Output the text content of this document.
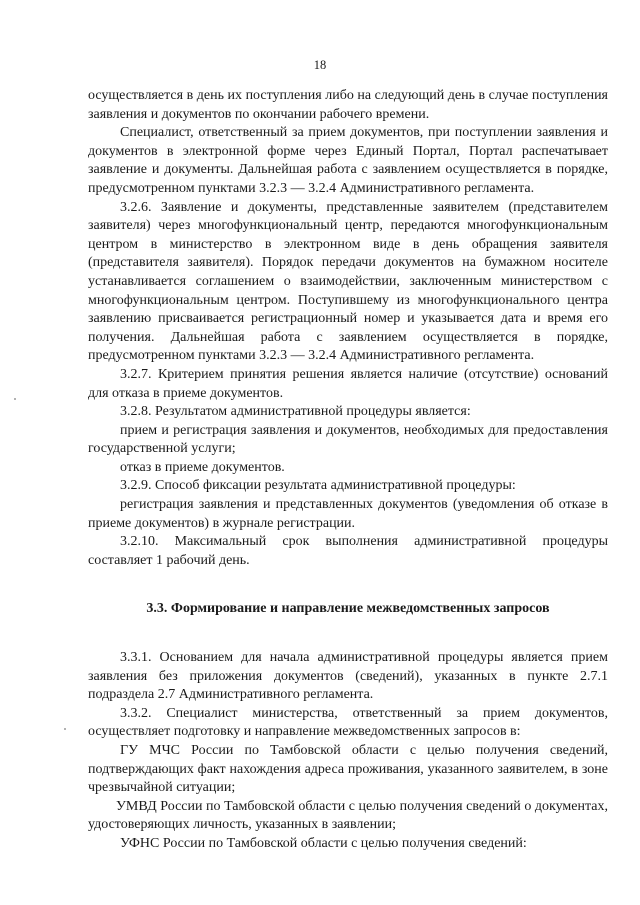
18

осуществляется в день их поступления либо на следующий день в случае поступления заявления и документов по окончании рабочего времени.

Специалист, ответственный за прием документов, при поступлении заявления и документов в электронной форме через Единый Портал, Портал распечатывает заявление и документы. Дальнейшая работа с заявлением осуществляется в порядке, предусмотренном пунктами 3.2.3 — 3.2.4 Административного регламента.

3.2.6. Заявление и документы, представленные заявителем (представителем заявителя) через многофункциональный центр, передаются многофункциональным центром в министерство в электронном виде в день обращения заявителя (представителя заявителя). Порядок передачи документов на бумажном носителе устанавливается соглашением о взаимодействии, заключенным министерством с многофункциональным центром. Поступившему из многофункционального центра заявлению присваивается регистрационный номер и указывается дата и время его получения. Дальнейшая работа с заявлением осуществляется в порядке, предусмотренном пунктами 3.2.3 — 3.2.4 Административного регламента.

3.2.7. Критерием принятия решения является наличие (отсутствие) оснований для отказа в приеме документов.

3.2.8. Результатом административной процедуры является:

прием и регистрация заявления и документов, необходимых для предоставления государственной услуги;

отказ в приеме документов.

3.2.9. Способ фиксации результата административной процедуры:

регистрация заявления и представленных документов (уведомления об отказе в приеме документов) в журнале регистрации.

3.2.10. Максимальный срок выполнения административной процедуры составляет 1 рабочий день.

3.3. Формирование и направление межведомственных запросов

3.3.1. Основанием для начала административной процедуры является прием заявления без приложения документов (сведений), указанных в пункте 2.7.1 подраздела 2.7 Административного регламента.

3.3.2. Специалист министерства, ответственный за прием документов, осуществляет подготовку и направление межведомственных запросов в:

ГУ МЧС России по Тамбовской области с целью получения сведений, подтверждающих факт нахождения адреса проживания, указанного заявителем, в зоне чрезвычайной ситуации;

УМВД России по Тамбовской области с целью получения сведений о документах, удостоверяющих личность, указанных в заявлении;

УФНС России по Тамбовской области с целью получения сведений:
